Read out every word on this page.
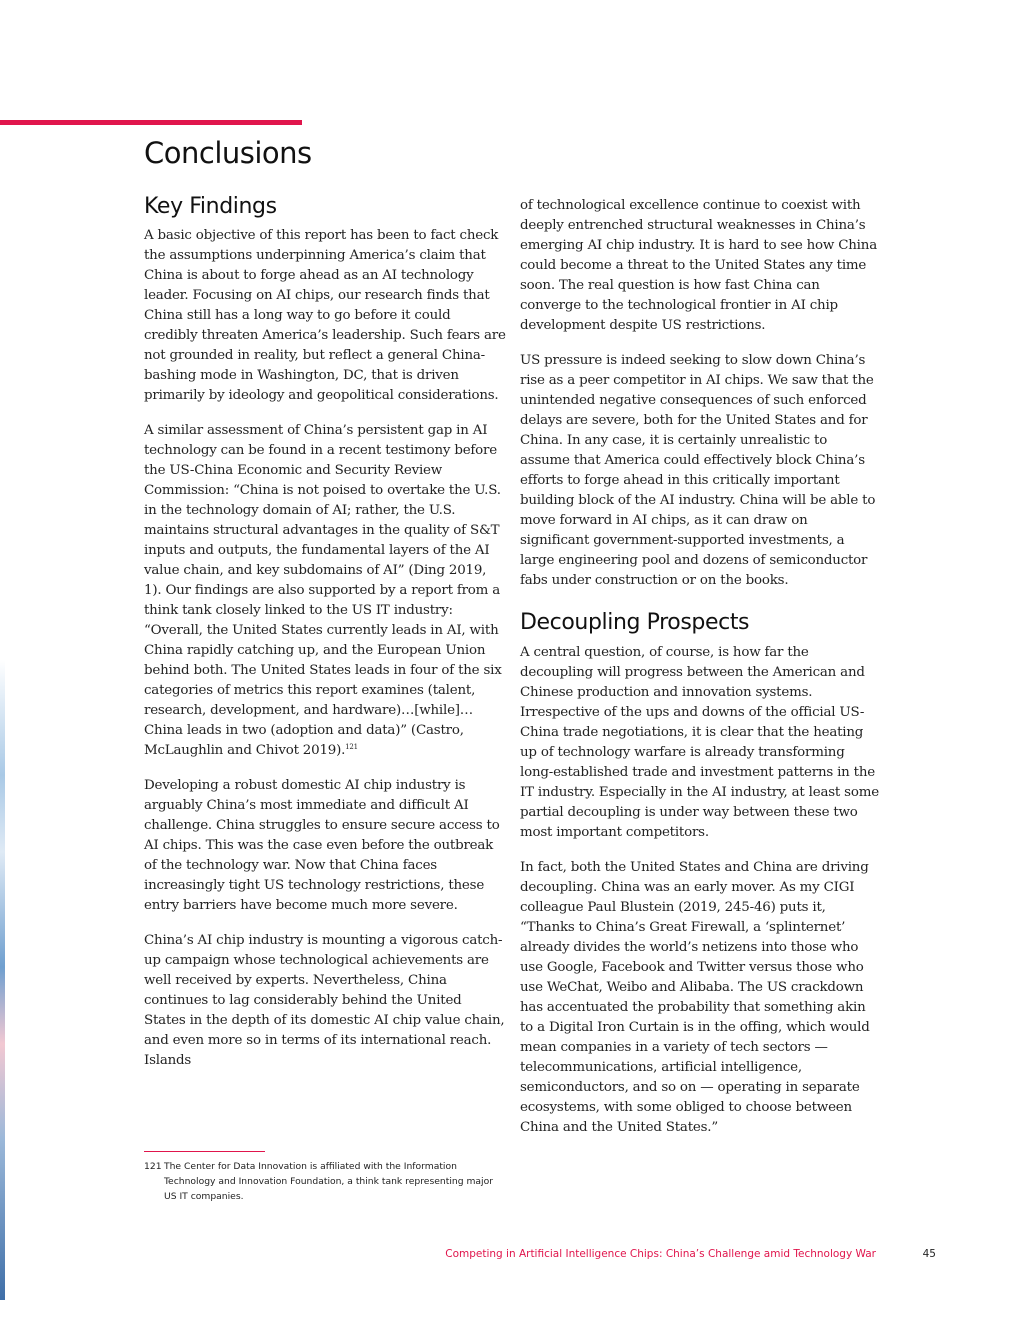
Conclusions
Key Findings

A basic objective of this report has been to fact check the assumptions underpinning America’s claim that China is about to forge ahead as an AI technology leader. Focusing on AI chips, our research finds that China still has a long way to go before it could credibly threaten America’s leadership. Such fears are not grounded in reality, but reflect a general China-bashing mode in Washington, DC, that is driven primarily by ideology and geopolitical considerations.

A similar assessment of China’s persistent gap in AI technology can be found in a recent testimony before the US-China Economic and Security Review Commission: “China is not poised to overtake the U.S. in the technology domain of AI; rather, the U.S. maintains structural advantages in the quality of S&T inputs and outputs, the fundamental layers of the AI value chain, and key subdomains of AI” (Ding 2019, 1). Our findings are also supported by a report from a think tank closely linked to the US IT industry: “Overall, the United States currently leads in AI, with China rapidly catching up, and the European Union behind both. The United States leads in four of the six categories of metrics this report examines (talent, research, development, and hardware)…[while]…China leads in two (adoption and data)” (Castro, McLaughlin and Chivot 2019).$^{121}$

Developing a robust domestic AI chip industry is arguably China’s most immediate and difficult AI challenge. China struggles to ensure secure access to AI chips. This was the case even before the outbreak of the technology war. Now that China faces increasingly tight US technology restrictions, these entry barriers have become much more severe.

China’s AI chip industry is mounting a vigorous catch-up campaign whose technological achievements are well received by experts. Nevertheless, China continues to lag considerably behind the United States in the depth of its domestic AI chip value chain, and even more so in terms of its international reach. Islands

of technological excellence continue to coexist with deeply entrenched structural weaknesses in China’s emerging AI chip industry. It is hard to see how China could become a threat to the United States any time soon. The real question is how fast China can converge to the technological frontier in AI chip development despite US restrictions.

US pressure is indeed seeking to slow down China’s rise as a peer competitor in AI chips. We saw that the unintended negative consequences of such enforced delays are severe, both for the United States and for China. In any case, it is certainly unrealistic to assume that America could effectively block China’s efforts to forge ahead in this critically important building block of the AI industry. China will be able to move forward in AI chips, as it can draw on significant government-supported investments, a large engineering pool and dozens of semiconductor fabs under construction or on the books.

Decoupling Prospects

A central question, of course, is how far the decoupling will progress between the American and Chinese production and innovation systems. Irrespective of the ups and downs of the official US-China trade negotiations, it is clear that the heating up of technology warfare is already transforming long-established trade and investment patterns in the IT industry. Especially in the AI industry, at least some partial decoupling is under way between these two most important competitors.

In fact, both the United States and China are driving decoupling. China was an early mover. As my CIGI colleague Paul Blustein (2019, 245-46) puts it, “Thanks to China’s Great Firewall, a ‘splinternet’ already divides the world’s netizens into those who use Google, Facebook and Twitter versus those who use WeChat, Weibo and Alibaba. The US crackdown has accentuated the probability that something akin to a Digital Iron Curtain is in the offing, which would mean companies in a variety of tech sectors — telecommunications, artificial intelligence, semiconductors, and so on — operating in separate ecosystems, with some obliged to choose between China and the United States.”

121 The Center for Data Innovation is affiliated with the Information Technology and Innovation Foundation, a think tank representing major US IT companies.
Competing in Artificial Intelligence Chips: China’s Challenge amid Technology War	45
